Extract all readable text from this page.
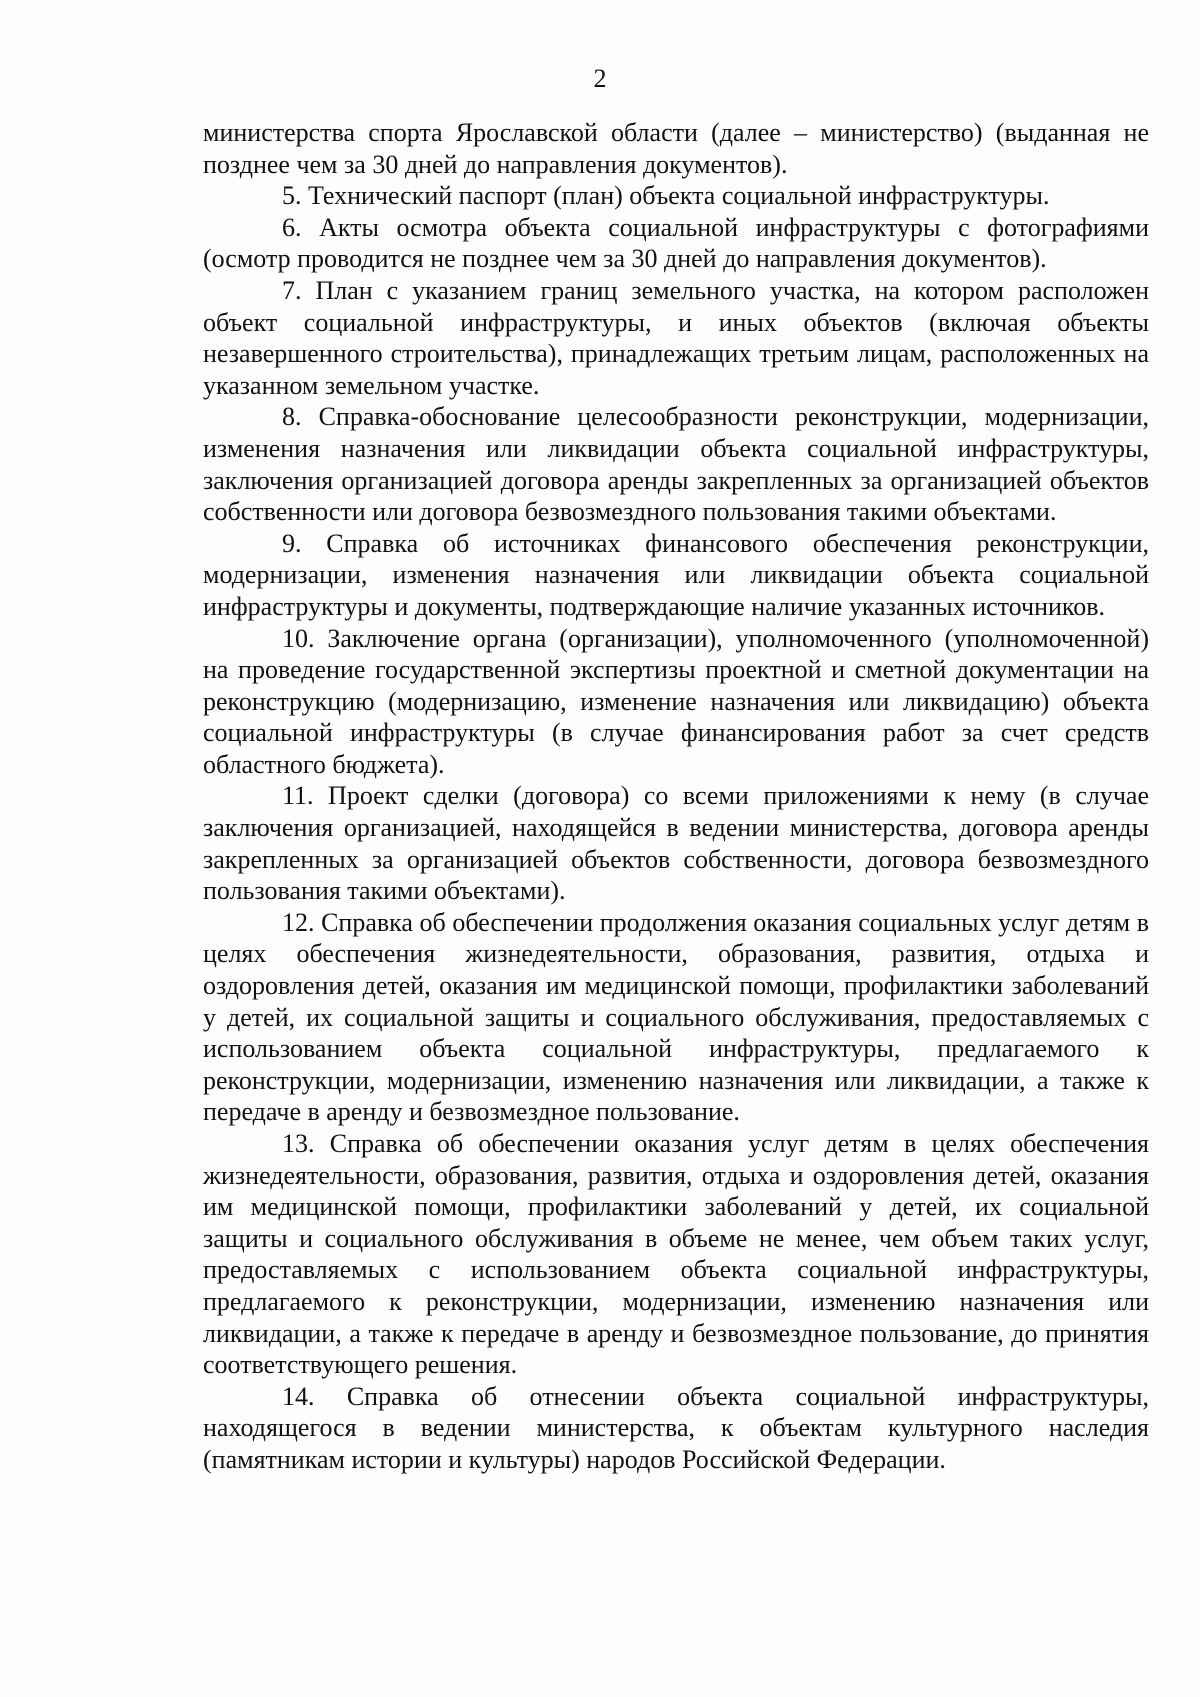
2

министерства спорта Ярославской области (далее – министерство) (выданная не позднее чем за 30 дней до направления документов).

5. Технический паспорт (план) объекта социальной инфраструктуры.

6. Акты осмотра объекта социальной инфраструктуры с фотографиями (осмотр проводится не позднее чем за 30 дней до направления документов).

7. План с указанием границ земельного участка, на котором расположен объект социальной инфраструктуры, и иных объектов (включая объекты незавершенного строительства), принадлежащих третьим лицам, расположенных на указанном земельном участке.

8. Справка-обоснование целесообразности реконструкции, модернизации, изменения назначения или ликвидации объекта социальной инфраструктуры, заключения организацией договора аренды закрепленных за организацией объектов собственности или договора безвозмездного пользования такими объектами.

9. Справка об источниках финансового обеспечения реконструкции, модернизации, изменения назначения или ликвидации объекта социальной инфраструктуры и документы, подтверждающие наличие указанных источников.

10. Заключение органа (организации), уполномоченного (уполномоченной) на проведение государственной экспертизы проектной и сметной документации на реконструкцию (модернизацию, изменение назначения или ликвидацию) объекта социальной инфраструктуры (в случае финансирования работ за счет средств областного бюджета).

11. Проект сделки (договора) со всеми приложениями к нему (в случае заключения организацией, находящейся в ведении министерства, договора аренды закрепленных за организацией объектов собственности, договора безвозмездного пользования такими объектами).

12. Справка об обеспечении продолжения оказания социальных услуг детям в целях обеспечения жизнедеятельности, образования, развития, отдыха и оздоровления детей, оказания им медицинской помощи, профилактики заболеваний у детей, их социальной защиты и социального обслуживания, предоставляемых с использованием объекта социальной инфраструктуры, предлагаемого к реконструкции, модернизации, изменению назначения или ликвидации, а также к передаче в аренду и безвозмездное пользование.

13. Справка об обеспечении оказания услуг детям в целях обеспечения жизнедеятельности, образования, развития, отдыха и оздоровления детей, оказания им медицинской помощи, профилактики заболеваний у детей, их социальной защиты и социального обслуживания в объеме не менее, чем объем таких услуг, предоставляемых с использованием объекта социальной инфраструктуры, предлагаемого к реконструкции, модернизации, изменению назначения или ликвидации, а также к передаче в аренду и безвозмездное пользование, до принятия соответствующего решения.

14. Справка об отнесении объекта социальной инфраструктуры, находящегося в ведении министерства, к объектам культурного наследия (памятникам истории и культуры) народов Российской Федерации.
